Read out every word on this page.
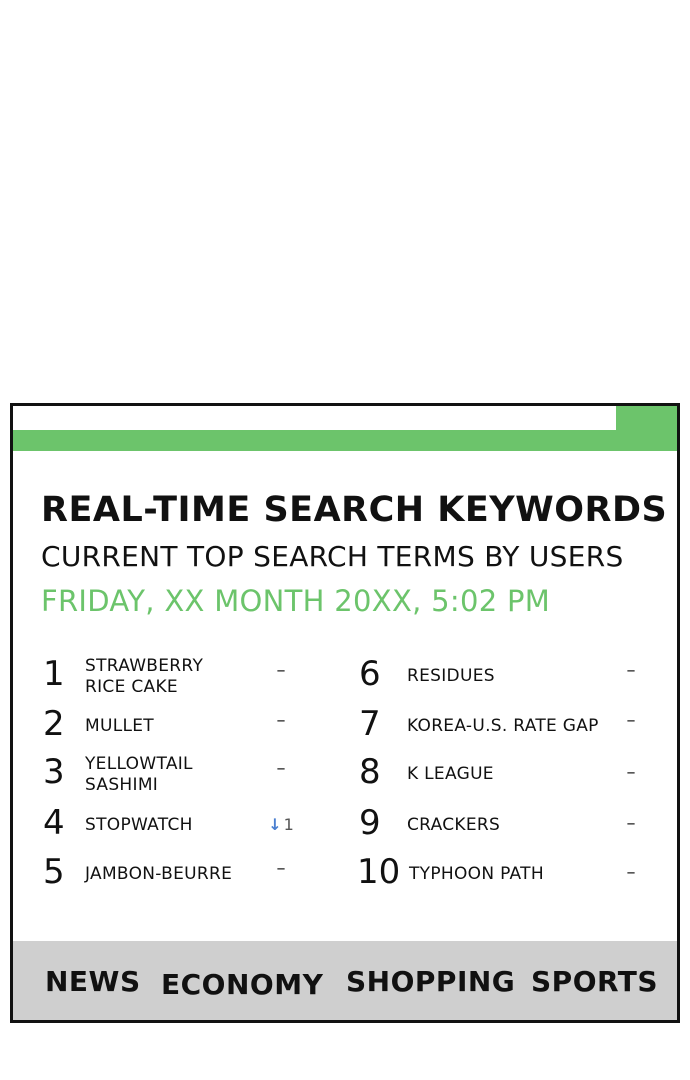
REAL-TIME SEARCH KEYWORDS
CURRENT TOP SEARCH TERMS BY USERS
FRIDAY, XX MONTH 20XX, 5:02 PM
1	STRAWBERRY
RICE CAKE
–
2	MULLET	–
3	YELLOWTAIL
SASHIMI
–
4	STOPWATCH	↓ 1
5	JAMBON-BEURRE	–
6	RESIDUES	–
7	KOREA-U.S. RATE GAP	–
8	K LEAGUE	–
9	CRACKERS	–
10 TYPHOON PATH	–
NEWS ECONOMY SHOPPING SPORTS
